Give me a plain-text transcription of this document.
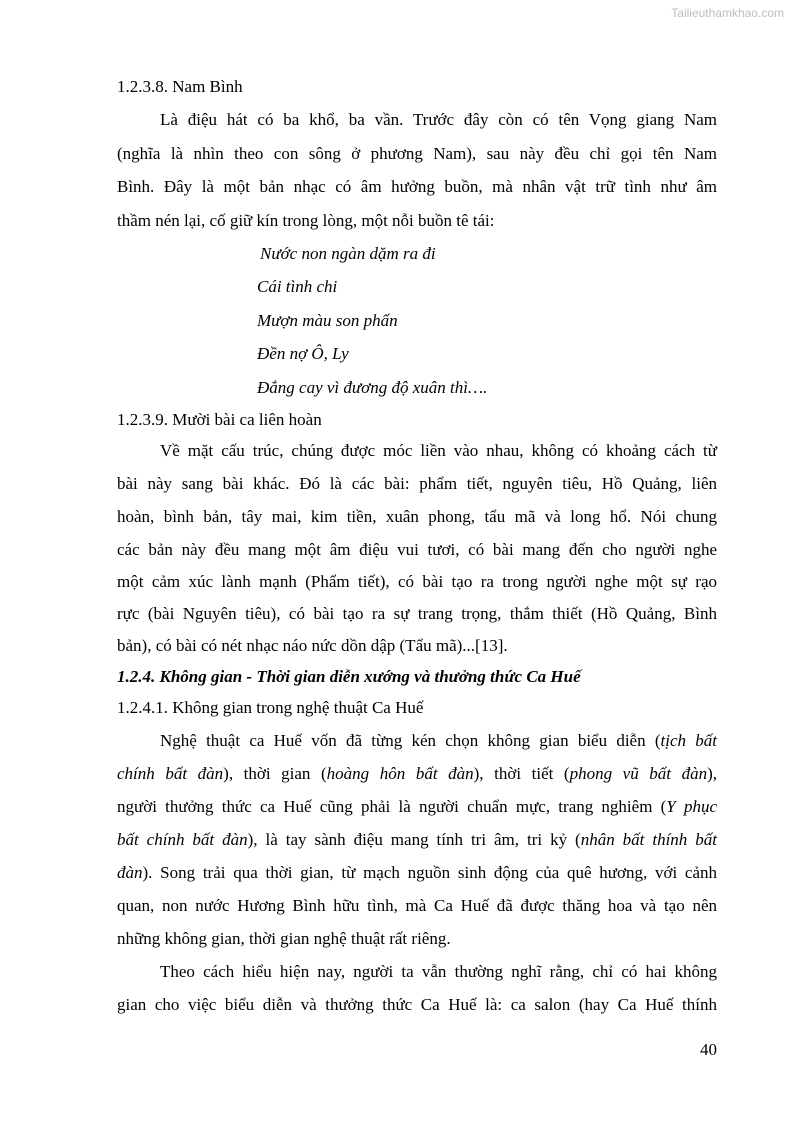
Tailieuthamkhao.com
1.2.3.8. Nam Bình
Là điệu hát có ba khổ, ba vần. Trước đây còn có tên Vọng giang Nam
(nghĩa là nhìn theo con sông ở phương Nam), sau này đều chỉ gọi tên Nam
Bình. Đây là một bản nhạc có âm hưởng buồn, mà nhân vật trữ tình như âm
thầm nén lại, cố giữ kín trong lòng, một nỗi buồn tê tái:
Nước non ngàn dặm ra đi
Cái tình chi
Mượn màu son phấn
Đền nợ Ô, Ly
Đắng cay vì đương độ xuân thì….
1.2.3.9. Mười bài ca liên hoàn
Về mặt cấu trúc, chúng được móc liền vào nhau, không có khoảng cách từ
bài này sang bài khác. Đó là các bài: phẩm tiết, nguyên tiêu, Hồ Quảng, liên
hoàn, bình bản, tây mai, kim tiền, xuân phong, tẩu mã và long hổ. Nói chung
các bản này đều mang một âm điệu vui tươi, có bài mang đến cho người nghe
một cảm xúc lành mạnh (Phẩm tiết), có bài tạo ra trong người nghe một sự rạo
rực (bài Nguyên tiêu), có bài tạo ra sự trang trọng, thắm thiết (Hồ Quảng, Bình
bản), có bài có nét nhạc náo nức dồn dập (Tẩu mã)...[13].
1.2.4. Không gian - Thời gian diễn xướng và thưởng thức Ca Huế
1.2.4.1. Không gian trong nghệ thuật Ca Huế
Nghệ thuật ca Huế vốn đã từng kén chọn không gian biểu diễn (tịch bất
chính bất đàn), thời gian (hoàng hôn bất đàn), thời tiết (phong vũ bất đàn),
người thưởng thức ca Huế cũng phải là người chuẩn mực, trang nghiêm (Y phục
bất chính bất đàn), là tay sành điệu mang tính tri âm, tri kỷ (nhân bất thính bất
đàn). Song trải qua thời gian, từ mạch nguồn sinh động của quê hương, với cảnh
quan, non nước Hương Bình hữu tình, mà Ca Huế đã được thăng hoa và tạo nên
những không gian, thời gian nghệ thuật rất riêng.
Theo cách hiểu hiện nay, người ta vẫn thường nghĩ rằng, chỉ có hai không
gian cho việc biểu diễn và thưởng thức Ca Huế là: ca salon (hay Ca Huế thính
40
